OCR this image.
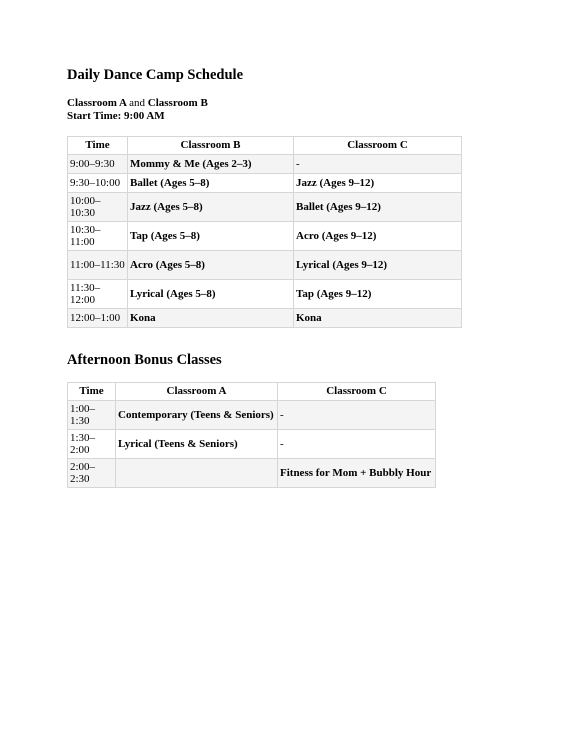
Daily Dance Camp Schedule
Classroom A and Classroom B
Start Time: 9:00 AM
Time	Classroom B	Classroom C
9:00–9:30	Mommy & Me (Ages 2–3)	-
9:30–10:00	Ballet (Ages 5–8)	Jazz (Ages 9–12)
10:00–10:30	Jazz (Ages 5–8)	Ballet (Ages 9–12)
10:30–11:00	Tap (Ages 5–8)	Acro (Ages 9–12)
11:00–11:30	Acro (Ages 5–8)	Lyrical (Ages 9–12)
11:30–12:00	Lyrical (Ages 5–8)	Tap (Ages 9–12)
12:00–1:00	Kona	Kona
Afternoon Bonus Classes
Time	Classroom A	Classroom C
1:00–1:30	Contemporary (Teens & Seniors)	-
1:30–2:00	Lyrical (Teens & Seniors)	-
2:00–2:30		Fitness for Mom + Bubbly Hour
